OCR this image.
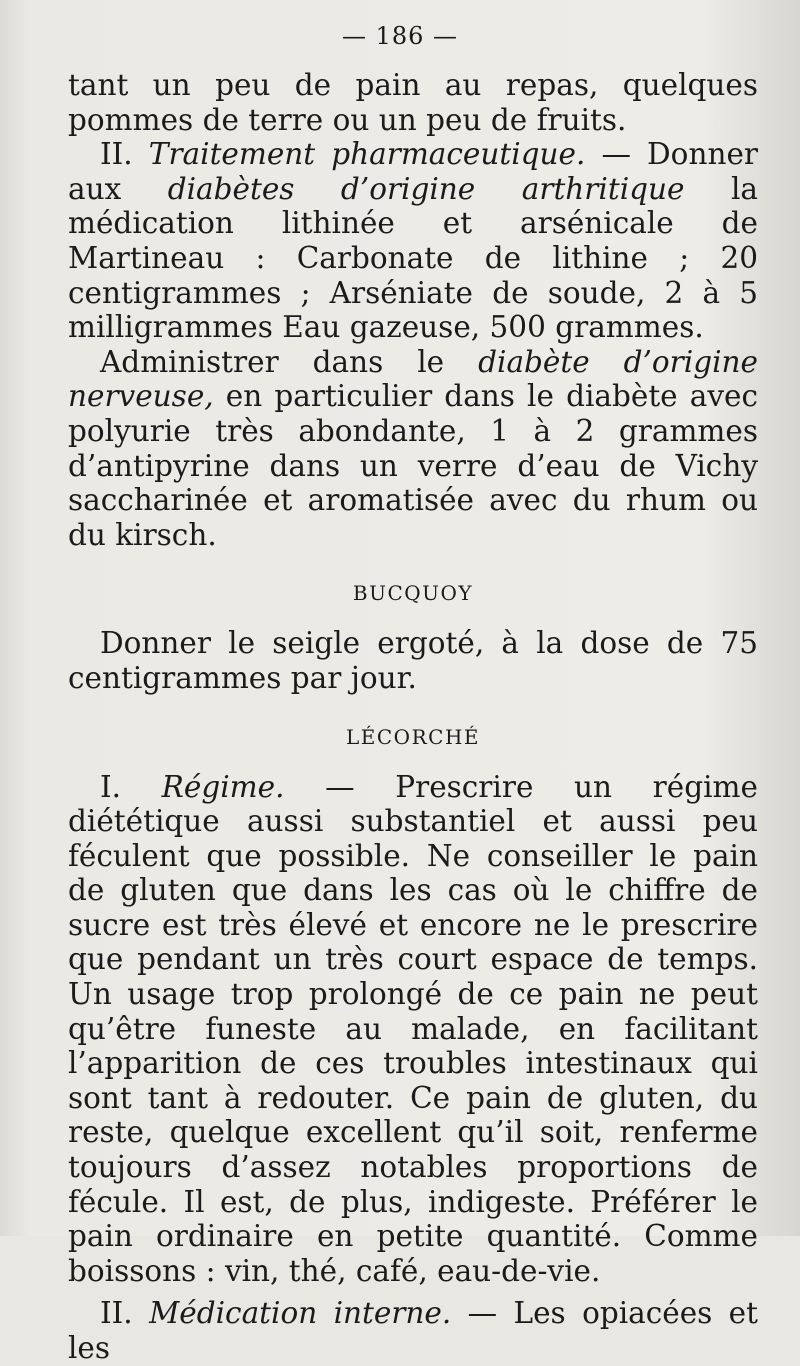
— 186 —

tant un peu de pain au repas, quelques pommes de terre ou un peu de fruits.

II. Traitement pharmaceutique. — Donner aux diabètes d’origine arthritique la médication lithinée et arsénicale de Martineau : Carbonate de lithine ; 20 centigrammes ; Arséniate de soude, 2 à 5 milligrammes Eau gazeuse, 500 grammes.

Administrer dans le diabète d’origine nerveuse, en particulier dans le diabète avec polyurie très abondante, 1 à 2 grammes d’antipyrine dans un verre d’eau de Vichy saccharinée et aromatisée avec du rhum ou du kirsch.

BUCQUOY

Donner le seigle ergoté, à la dose de 75 centigrammes par jour.

LÉCORCHÉ

I. Régime. — Prescrire un régime diététique aussi substantiel et aussi peu féculent que possible. Ne conseiller le pain de gluten que dans les cas où le chiffre de sucre est très élevé et encore ne le prescrire que pendant un très court espace de temps. Un usage trop prolongé de ce pain ne peut qu’être funeste au malade, en facilitant l’apparition de ces troubles intestinaux qui sont tant à redouter. Ce pain de gluten, du reste, quelque excellent qu’il soit, renferme toujours d’assez notables proportions de fécule. Il est, de plus, indigeste. Préférer le pain ordinaire en petite quantité. Comme boissons : vin, thé, café, eau-de-vie.

II. Médication interne. — Les opiacées et les
